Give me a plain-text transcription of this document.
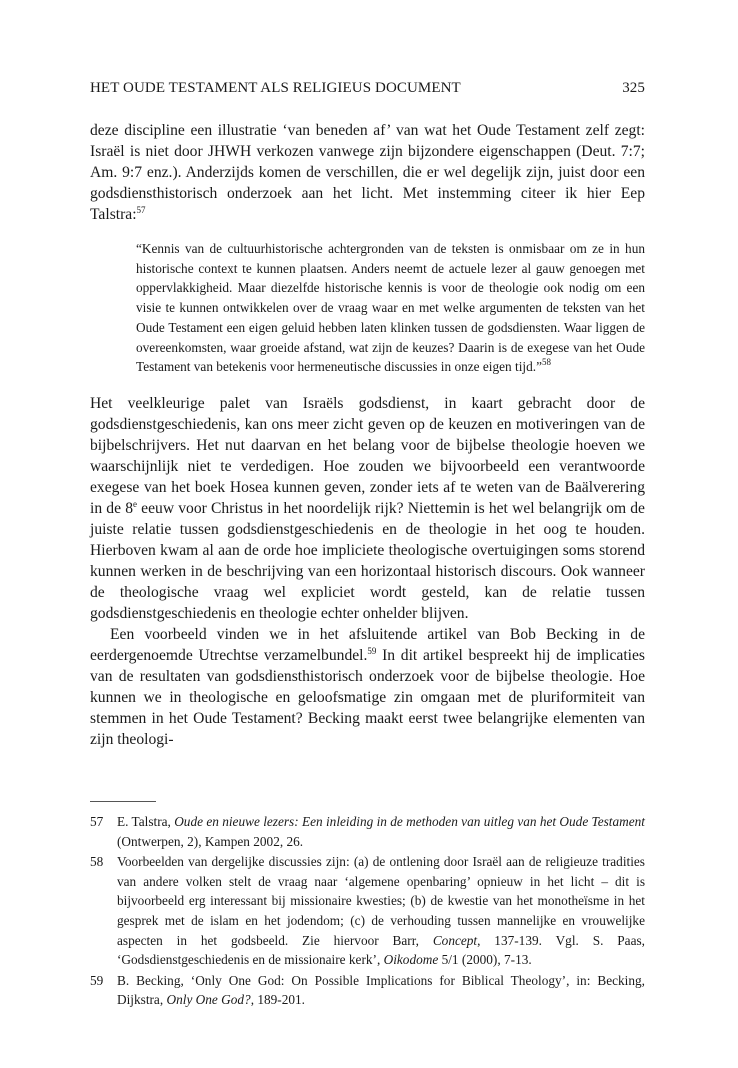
HET OUDE TESTAMENT ALS RELIGIEUS DOCUMENT	325

deze discipline een illustratie ‘van beneden af’ van wat het Oude Testament zelf zegt: Israël is niet door JHWH verkozen vanwege zijn bijzondere eigenschappen (Deut. 7:7; Am. 9:7 enz.). Anderzijds komen de verschillen, die er wel degelijk zijn, juist door een godsdiensthistorisch onderzoek aan het licht. Met instemming citeer ik hier Eep Talstra:$^{57}$

“Kennis van de cultuurhistorische achtergronden van de teksten is onmisbaar om ze in hun historische context te kunnen plaatsen. Anders neemt de actuele lezer al gauw genoegen met oppervlakkigheid. Maar diezelfde historische kennis is voor de theologie ook nodig om een visie te kunnen ontwikkelen over de vraag waar en met welke argumenten de teksten van het Oude Testament een eigen geluid hebben laten klinken tussen de godsdiensten. Waar liggen de overeenkomsten, waar groeide afstand, wat zijn de keuzes? Daarin is de exegese van het Oude Testament van betekenis voor hermeneutische discussies in onze eigen tijd.”$^{58}$

Het veelkleurige palet van Israëls godsdienst, in kaart gebracht door de godsdienstgeschiedenis, kan ons meer zicht geven op de keuzen en motiveringen van de bijbelschrijvers. Het nut daarvan en het belang voor de bijbelse theologie hoeven we waarschijnlijk niet te verdedigen. Hoe zouden we bijvoorbeeld een verantwoorde exegese van het boek Hosea kunnen geven, zonder iets af te weten van de Baälverering in de 8e eeuw voor Christus in het noordelijk rijk? Niettemin is het wel belangrijk om de juiste relatie tussen godsdienstgeschiedenis en de theologie in het oog te houden. Hierboven kwam al aan de orde hoe impliciete theologische overtuigingen soms storend kunnen werken in de beschrijving van een horizontaal historisch discours. Ook wanneer de theologische vraag wel expliciet wordt gesteld, kan de relatie tussen godsdienstgeschiedenis en theologie echter onhelder blijven.

Een voorbeeld vinden we in het afsluitende artikel van Bob Becking in de eerdergenoemde Utrechtse verzamelbundel.$^{59}$ In dit artikel bespreekt hij de implicaties van de resultaten van godsdiensthistorisch onderzoek voor de bijbelse theologie. Hoe kunnen we in theologische en geloofsmatige zin omgaan met de pluriformiteit van stemmen in het Oude Testament? Becking maakt eerst twee belangrijke elementen van zijn theologi-

57 E. Talstra, Oude en nieuwe lezers: Een inleiding in de methoden van uitleg van het Oude Testament (Ontwerpen, 2), Kampen 2002, 26.
58 Voorbeelden van dergelijke discussies zijn: (a) de ontlening door Israël aan de religieuze tradities van andere volken stelt de vraag naar ‘algemene openbaring’ opnieuw in het licht – dit is bijvoorbeeld erg interessant bij missionaire kwesties; (b) de kwestie van het monotheïsme in het gesprek met de islam en het jodendom; (c) de verhouding tussen mannelijke en vrouwelijke aspecten in het godsbeeld. Zie hiervoor Barr, Concept, 137-139. Vgl. S. Paas, ‘Godsdienstgeschiedenis en de missionaire kerk’, Oikodome 5/1 (2000), 7-13.
59 B. Becking, ‘Only One God: On Possible Implications for Biblical Theology’, in: Becking, Dijkstra, Only One God?, 189-201.
